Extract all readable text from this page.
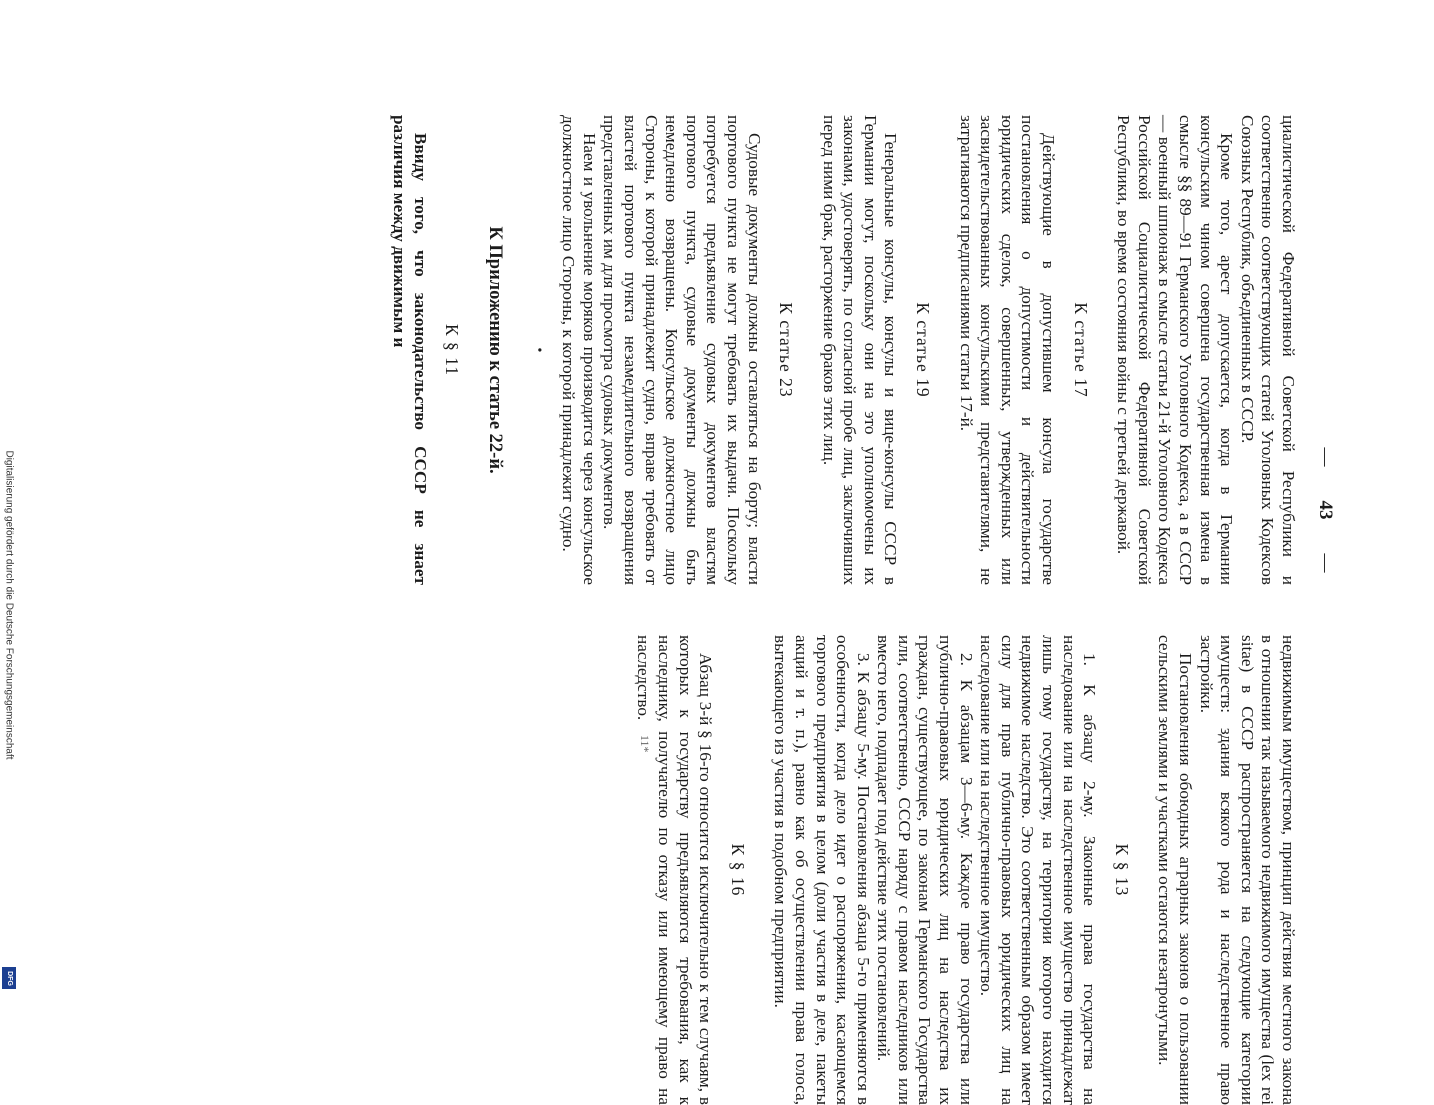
Digitalisierung gefördert durch die Deutsche Forschungsgemeinschaft
DFG
—
43
—

циалистической Федеративной Советской Республики и соответственно соответствующих статей Уголовных Кодексов Союзных Республик, объединенных в СССР.

Кроме того, арест допускается, когда в Германии консульским чином совершена государственная измена в смысле §§ 89—91 Германского Уголовного Кодекса, а в СССР — военный шпионаж в смысле статьи 21-й Уголовного Кодекса Российской Социалистической Федеративной Советской Республики, во время состояния войны с третьей державой.

К статье 17

Действующие в допустившем консула государстве постановления о допустимости и действительности юридических сделок, совершенных, утвержденных или засвидетельствованных консульскими представителями, не затрагиваются предписаниями статьи 17-й.

К статье 19

Генеральные консулы, консулы и вице-консулы СССР в Германии могут, поскольку они на это уполномочены их законами, удостоверять, по согласной пробе лиц, заключивших перед ними брак, расторжение браков этих лиц.

К статье 23

Судовые документы должны оставляться на борту; власти портового пункта не могут требовать их выдачи. Поскольку потребуется предъявление судовых документов властям портового пункта, судовые документы должны быть немедленно возвращены. Консульское должностное лицо Стороны, к которой принадлежит судно, вправе требовать от властей портового пункта незамедлительного возвращения представленных им для просмотра судовых документов.

Наем и увольнение моряков производится через консульское должностное лицо Стороны, к которой принадлежит судно.

•
К Приложению к статье 22-й.
К § 11

Ввиду того, что законодательство СССР не знает различия между движимым и

недвижимым имуществом, принцип действия местного закона в отношении так называемого недвижимого имущества (lex rei sitae) в СССР распространяется на следующие категории имуществ: здания всякого рода и наследственное право застройки.

Постановления обоюдных аграрных законов о пользовании сельскими землями и участками остаются незатронутыми.

К § 13

1. К абзацу 2-му. Законные права государства на наследование или на наследственное имущество принадлежат лишь тому государству, на территории которого находится недвижимое наследство. Это соответственным образом имеет силу для прав публично-правовых юридических лиц на наследование или на наследственное имущество.

2. К абзацам 3—6-му. Каждое право государства или публично-правовых юридических лиц на наследства их граждан, существующее, по законам Германского Государства или, соответственно, СССР наряду с правом наследников или вместо него, подпадает под действие этих постановлений.

3. К абзацу 5-му. Постановления абзаца 5-го применяются в особенности, когда дело идет о распоряжении, касающемся торгового предприятия в целом (доли участия в деле, пакеты акций и т. п.), равно как об осуществлении права голоса, вытекающего из участия в подобном предприятии.

К § 16

Абзац 3-й § 16-го относится исключительно к тем случаям, в которых к государству предъявляются требования, как к наследнику, получателю по отказу или имеющему право на наследство.

11*
